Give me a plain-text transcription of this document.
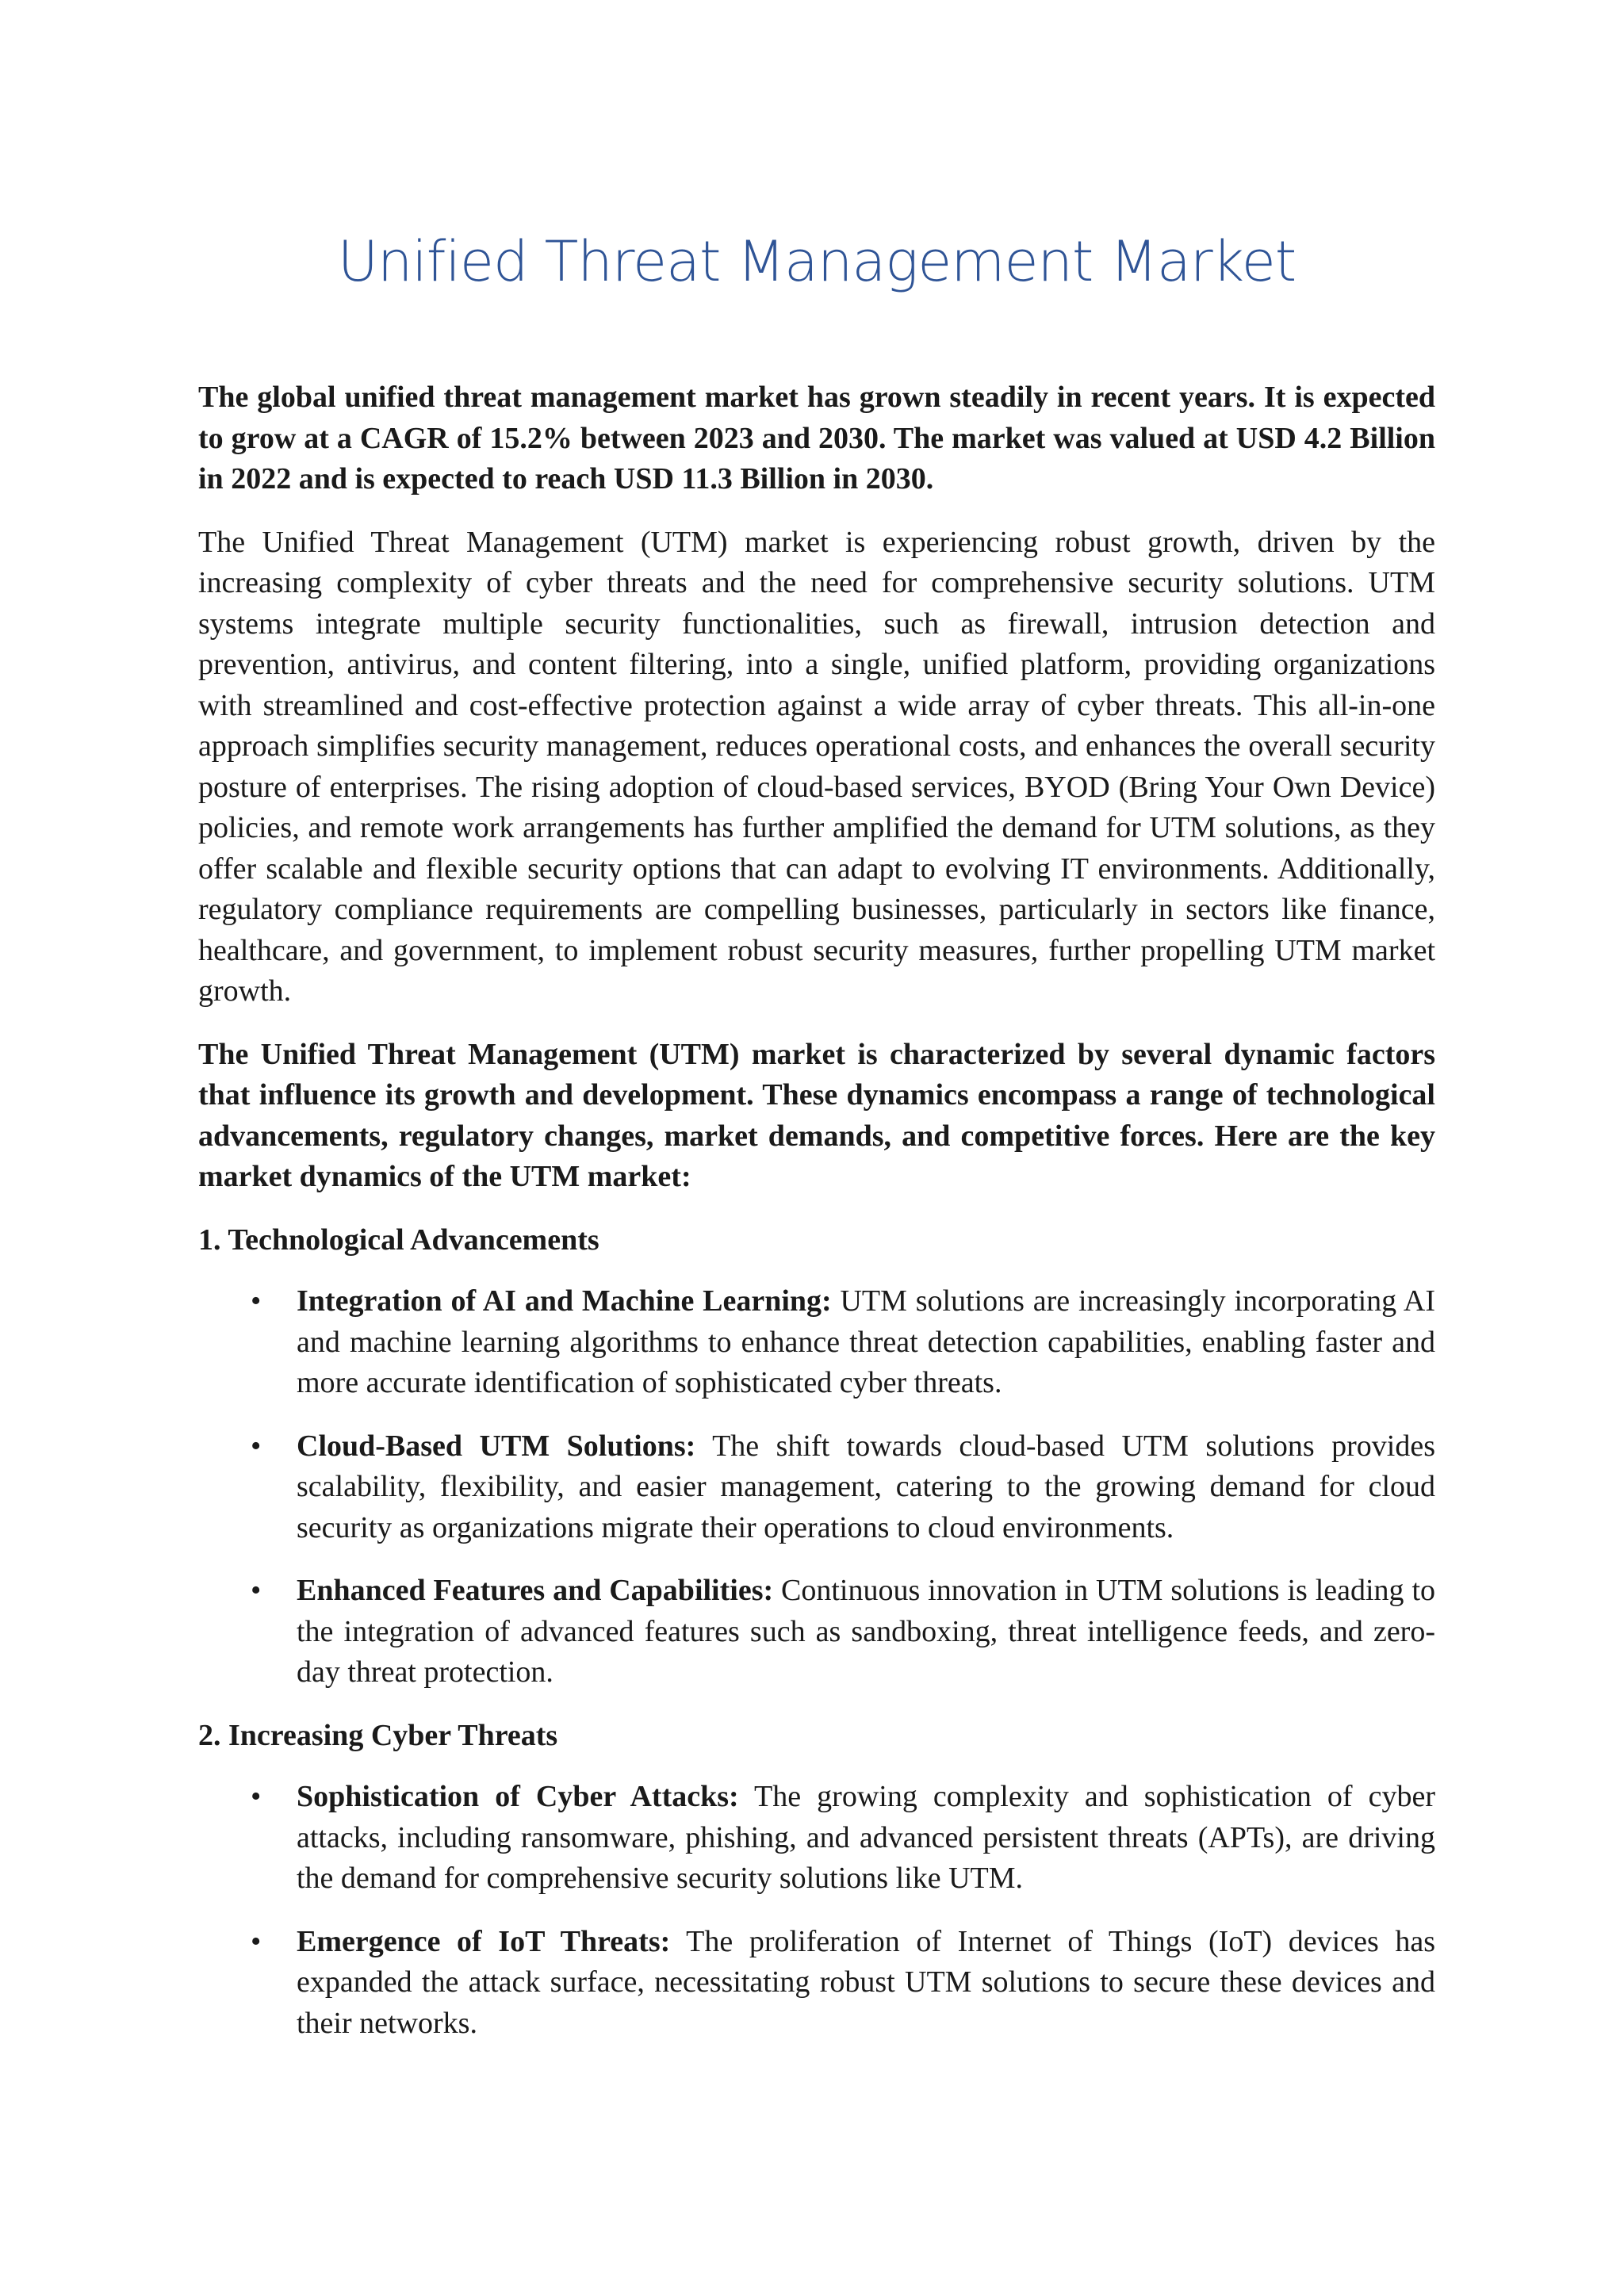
Unified Threat Management Market

The global unified threat management market has grown steadily in recent years. It is expected to grow at a CAGR of 15.2% between 2023 and 2030. The market was valued at USD 4.2 Billion in 2022 and is expected to reach USD 11.3 Billion in 2030.

The Unified Threat Management (UTM) market is experiencing robust growth, driven by the increasing complexity of cyber threats and the need for comprehensive security solutions. UTM systems integrate multiple security functionalities, such as firewall, intrusion detection and prevention, antivirus, and content filtering, into a single, unified platform, providing organizations with streamlined and cost-effective protection against a wide array of cyber threats. This all-in-one approach simplifies security management, reduces operational costs, and enhances the overall security posture of enterprises. The rising adoption of cloud-based services, BYOD (Bring Your Own Device) policies, and remote work arrangements has further amplified the demand for UTM solutions, as they offer scalable and flexible security options that can adapt to evolving IT environments. Additionally, regulatory compliance requirements are compelling businesses, particularly in sectors like finance, healthcare, and government, to implement robust security measures, further propelling UTM market growth.

The Unified Threat Management (UTM) market is characterized by several dynamic factors that influence its growth and development. These dynamics encompass a range of technological advancements, regulatory changes, market demands, and competitive forces. Here are the key market dynamics of the UTM market:

1. Technological Advancements
• Integration of AI and Machine Learning: UTM solutions are increasingly incorporating AI and machine learning algorithms to enhance threat detection capabilities, enabling faster and more accurate identification of sophisticated cyber threats.
• Cloud-Based UTM Solutions: The shift towards cloud-based UTM solutions provides scalability, flexibility, and easier management, catering to the growing demand for cloud security as organizations migrate their operations to cloud environments.
• Enhanced Features and Capabilities: Continuous innovation in UTM solutions is leading to the integration of advanced features such as sandboxing, threat intelligence feeds, and zero-day threat protection.
2. Increasing Cyber Threats
• Sophistication of Cyber Attacks: The growing complexity and sophistication of cyber attacks, including ransomware, phishing, and advanced persistent threats (APTs), are driving the demand for comprehensive security solutions like UTM.
• Emergence of IoT Threats: The proliferation of Internet of Things (IoT) devices has expanded the attack surface, necessitating robust UTM solutions to secure these devices and their networks.
